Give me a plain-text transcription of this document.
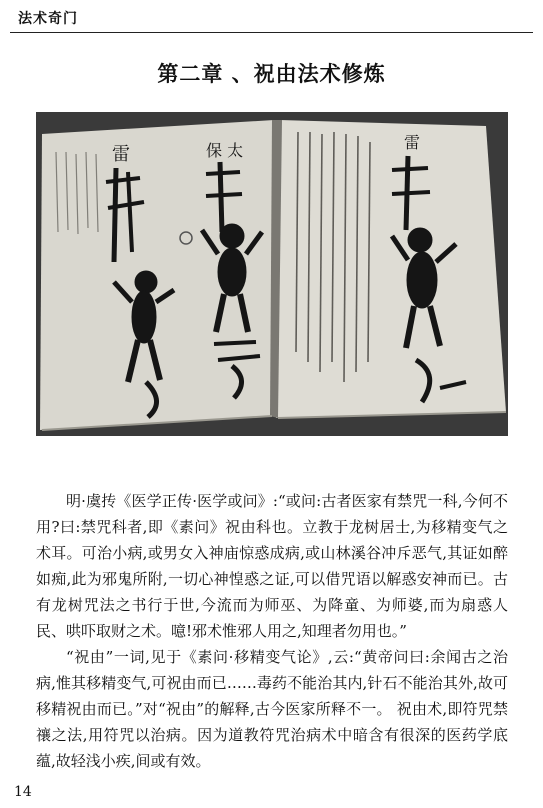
法术奇门
第二章 、祝由法术修炼
雷	保 太	雷

明·虞抟《医学正传·医学或问》:“或问:古者医家有禁咒一科,今何不用?曰:禁咒科者,即《素问》祝由科也。立教于龙树居士,为移精变气之术耳。可治小病,或男女入神庙惊惑成病,或山林溪谷冲斥恶气,其证如醉如痴,此为邪鬼所附,一切心神惶惑之证,可以借咒语以解惑安神而已。古有龙树咒法之书行于世,今流而为师巫、为降童、为师婆,而为扇惑人民、哄吓取财之术。噫!邪术惟邪人用之,知理者勿用也。”

“祝由”一词,见于《素问·移精变气论》,云:“黄帝问曰:余闻古之治病,惟其移精变气,可祝由而已……毒药不能治其内,针石不能治其外,故可移精祝由而已。”对“祝由”的解释,古今医家所释不一。 祝由术,即符咒禁禳之法,用符咒以治病。因为道教符咒治病术中暗含有很深的医药学底蕴,故轻浅小疾,间或有效。

14
